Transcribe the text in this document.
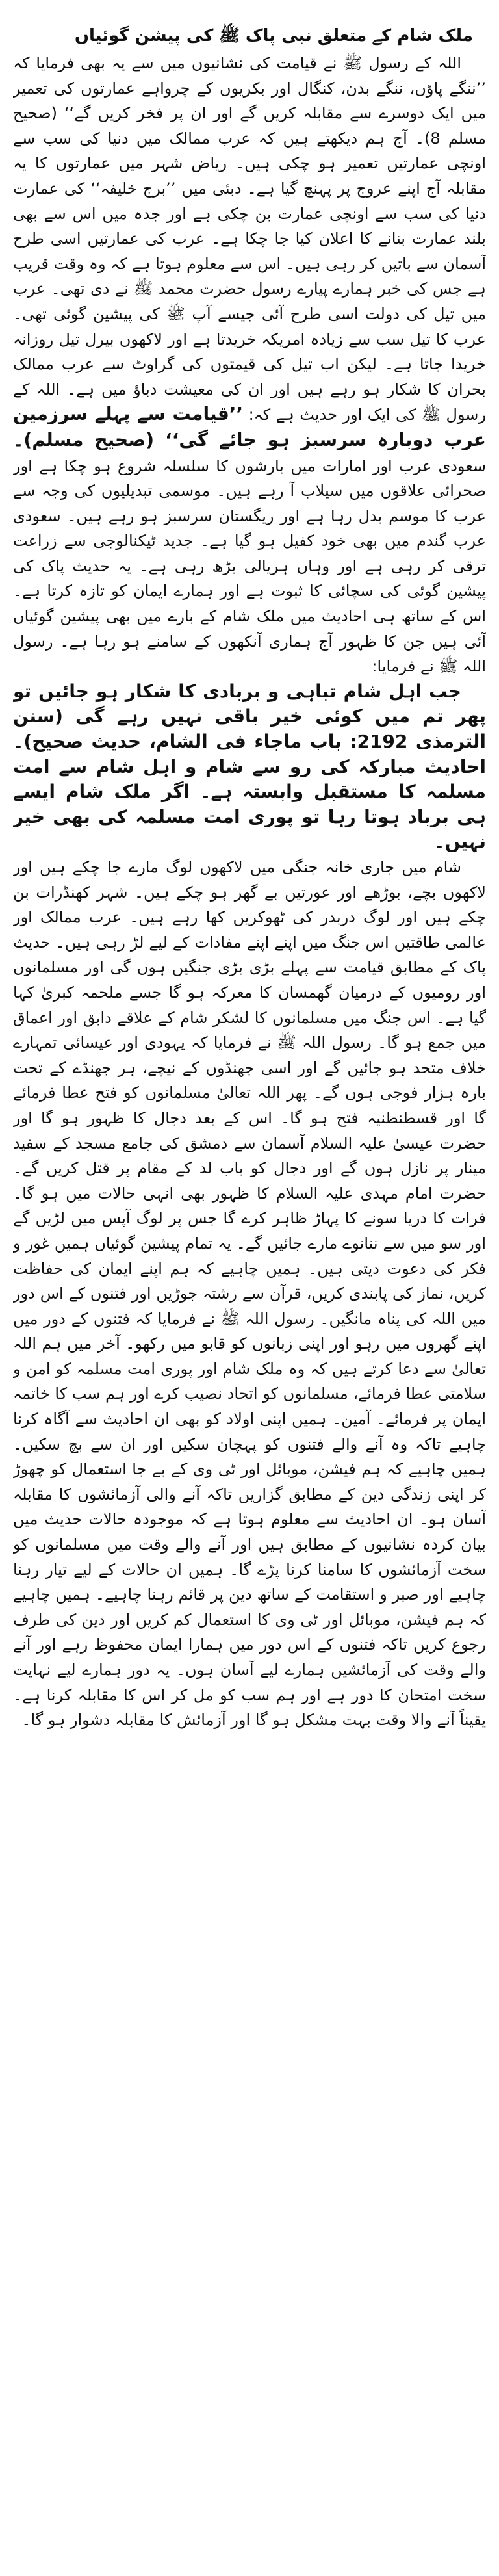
ملک شام کے متعلق نبی پاک ﷺ کی پیشن گوئیاں

اللہ کے رسول ﷺ نے قیامت کی نشانیوں میں سے یہ بھی فرمایا کہ ’’ننگے پاؤں، ننگے بدن، کنگال اور بکریوں کے چرواہے عمارتوں کی تعمیر میں ایک دوسرے سے مقابلہ کریں گے اور ان پر فخر کریں گے‘‘ (صحیح مسلم 8)۔ آج ہم دیکھتے ہیں کہ عرب ممالک میں دنیا کی سب سے اونچی عمارتیں تعمیر ہو چکی ہیں۔ ریاض شہر میں عمارتوں کا یہ مقابلہ آج اپنے عروج پر پہنچ گیا ہے۔ دبئی میں ’’برج خلیفہ‘‘ کی عمارت دنیا کی سب سے اونچی عمارت بن چکی ہے اور جدہ میں اس سے بھی بلند عمارت بنانے کا اعلان کیا جا چکا ہے۔ عرب کی عمارتیں اسی طرح آسمان سے باتیں کر رہی ہیں۔ اس سے معلوم ہوتا ہے کہ وہ وقت قریب ہے جس کی خبر ہمارے پیارے رسول حضرت محمد ﷺ نے دی تھی۔ عرب میں تیل کی دولت اسی طرح آئی جیسے آپ ﷺ کی پیشین گوئی تھی۔ عرب کا تیل سب سے زیادہ امریکہ خریدتا ہے اور لاکھوں بیرل تیل روزانہ خریدا جاتا ہے۔ لیکن اب تیل کی قیمتوں کی گراوٹ سے عرب ممالک بحران کا شکار ہو رہے ہیں اور ان کی معیشت دباؤ میں ہے۔ اللہ کے رسول ﷺ کی ایک اور حدیث ہے کہ: ’’قیامت سے پہلے سرزمین عرب دوبارہ سرسبز ہو جائے گی‘‘ (صحیح مسلم)۔ سعودی عرب اور امارات میں بارشوں کا سلسلہ شروع ہو چکا ہے اور صحرائی علاقوں میں سیلاب آ رہے ہیں۔ موسمی تبدیلیوں کی وجہ سے عرب کا موسم بدل رہا ہے اور ریگستان سرسبز ہو رہے ہیں۔ سعودی عرب گندم میں بھی خود کفیل ہو گیا ہے۔ جدید ٹیکنالوجی سے زراعت ترقی کر رہی ہے اور وہاں ہریالی بڑھ رہی ہے۔ یہ حدیث پاک کی پیشین گوئی کی سچائی کا ثبوت ہے اور ہمارے ایمان کو تازہ کرتا ہے۔ اس کے ساتھ ہی احادیث میں ملک شام کے بارے میں بھی پیشین گوئیاں آئی ہیں جن کا ظہور آج ہماری آنکھوں کے سامنے ہو رہا ہے۔ رسول اللہ ﷺ نے فرمایا:

جب اہل شام تباہی و بربادی کا شکار ہو جائیں تو پھر تم میں کوئی خیر باقی نہیں رہے گی (سنن الترمذی 2192: باب ماجاء فی الشام، حدیث صحیح)۔ احادیث مبارکہ کی رو سے شام و اہل شام سے امت مسلمہ کا مستقبل وابستہ ہے۔ اگر ملک شام ایسے ہی برباد ہوتا رہا تو پوری امت مسلمہ کی بھی خیر نہیں۔

شام میں جاری خانہ جنگی میں لاکھوں لوگ مارے جا چکے ہیں اور لاکھوں بچے، بوڑھے اور عورتیں بے گھر ہو چکے ہیں۔ شہر کھنڈرات بن چکے ہیں اور لوگ دربدر کی ٹھوکریں کھا رہے ہیں۔ عرب ممالک اور عالمی طاقتیں اس جنگ میں اپنے اپنے مفادات کے لیے لڑ رہی ہیں۔ حدیث پاک کے مطابق قیامت سے پہلے بڑی بڑی جنگیں ہوں گی اور مسلمانوں اور رومیوں کے درمیان گھمسان کا معرکہ ہو گا جسے ملحمہ کبریٰ کہا گیا ہے۔ اس جنگ میں مسلمانوں کا لشکر شام کے علاقے دابق اور اعماق میں جمع ہو گا۔ رسول اللہ ﷺ نے فرمایا کہ یہودی اور عیسائی تمہارے خلاف متحد ہو جائیں گے اور اسی جھنڈوں کے نیچے، ہر جھنڈے کے تحت بارہ ہزار فوجی ہوں گے۔ پھر اللہ تعالیٰ مسلمانوں کو فتح عطا فرمائے گا اور قسطنطنیہ فتح ہو گا۔ اس کے بعد دجال کا ظہور ہو گا اور حضرت عیسیٰ علیہ السلام آسمان سے دمشق کی جامع مسجد کے سفید مینار پر نازل ہوں گے اور دجال کو باب لد کے مقام پر قتل کریں گے۔ حضرت امام مہدی علیہ السلام کا ظہور بھی انہی حالات میں ہو گا۔ فرات کا دریا سونے کا پہاڑ ظاہر کرے گا جس پر لوگ آپس میں لڑیں گے اور سو میں سے ننانوے مارے جائیں گے۔ یہ تمام پیشین گوئیاں ہمیں غور و فکر کی دعوت دیتی ہیں۔ ہمیں چاہیے کہ ہم اپنے ایمان کی حفاظت کریں، نماز کی پابندی کریں، قرآن سے رشتہ جوڑیں اور فتنوں کے اس دور میں اللہ کی پناہ مانگیں۔ رسول اللہ ﷺ نے فرمایا کہ فتنوں کے دور میں اپنے گھروں میں رہو اور اپنی زبانوں کو قابو میں رکھو۔ آخر میں ہم اللہ تعالیٰ سے دعا کرتے ہیں کہ وہ ملک شام اور پوری امت مسلمہ کو امن و سلامتی عطا فرمائے، مسلمانوں کو اتحاد نصیب کرے اور ہم سب کا خاتمہ ایمان پر فرمائے۔ آمین۔ ہمیں اپنی اولاد کو بھی ان احادیث سے آگاہ کرنا چاہیے تاکہ وہ آنے والے فتنوں کو پہچان سکیں اور ان سے بچ سکیں۔ ہمیں چاہیے کہ ہم فیشن، موبائل اور ٹی وی کے بے جا استعمال کو چھوڑ کر اپنی زندگی دین کے مطابق گزاریں تاکہ آنے والی آزمائشوں کا مقابلہ آسان ہو۔ ان احادیث سے معلوم ہوتا ہے کہ موجودہ حالات حدیث میں بیان کردہ نشانیوں کے مطابق ہیں اور آنے والے وقت میں مسلمانوں کو سخت آزمائشوں کا سامنا کرنا پڑے گا۔ ہمیں ان حالات کے لیے تیار رہنا چاہیے اور صبر و استقامت کے ساتھ دین پر قائم رہنا چاہیے۔ ہمیں چاہیے کہ ہم فیشن، موبائل اور ٹی وی کا استعمال کم کریں اور دین کی طرف رجوع کریں تاکہ فتنوں کے اس دور میں ہمارا ایمان محفوظ رہے اور آنے والے وقت کی آزمائشیں ہمارے لیے آسان ہوں۔ یہ دور ہمارے لیے نہایت سخت امتحان کا دور ہے اور ہم سب کو مل کر اس کا مقابلہ کرنا ہے۔ یقیناً آنے والا وقت بہت مشکل ہو گا اور آزمائش کا مقابلہ دشوار ہو گا۔
